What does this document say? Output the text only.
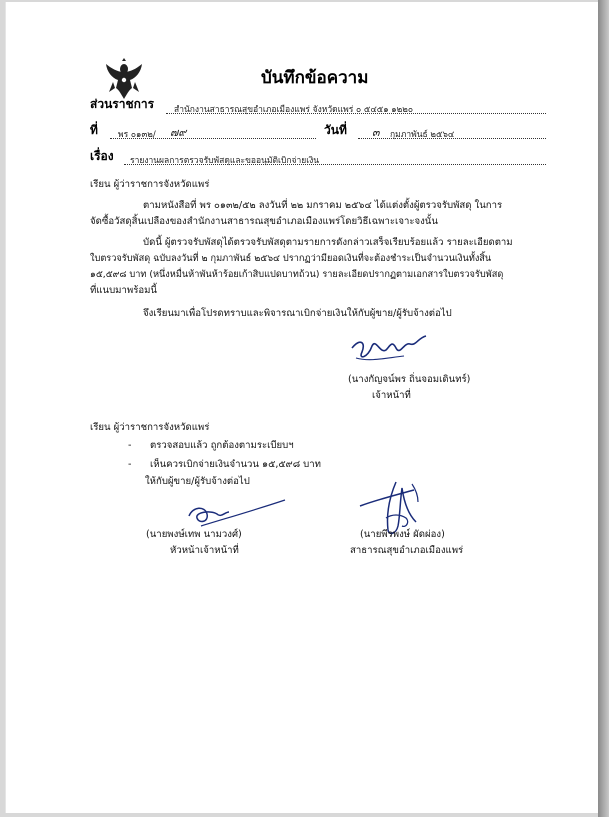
บันทึกข้อความ
ส่วนราชการ สำนักงานสาธารณสุขอำเภอเมืองแพร่ จังหวัดแพร่ ๐ ๕๔๕๑ ๑๒๒๐
ที่ พร ๐๑๓๒/ ๗๙	วันที่ ๓ กุมภาพันธ์ ๒๕๖๔
เรื่อง รายงานผลการตรวจรับพัสดุและขออนุมัติเบิกจ่ายเงิน
เรียน ผู้ว่าราชการจังหวัดแพร่
ตามหนังสือที่ พร ๐๑๓๒/๕๒ ลงวันที่ ๒๒ มกราคม ๒๕๖๔ ได้แต่งตั้งผู้ตรวจรับพัสดุ ในการ
จัดซื้อวัสดุสิ้นเปลืองของสำนักงานสาธารณสุขอำเภอเมืองแพร่โดยวิธีเฉพาะเจาะจงนั้น
บัดนี้ ผู้ตรวจรับพัสดุได้ตรวจรับพัสดุตามรายการดังกล่าวเสร็จเรียบร้อยแล้ว รายละเอียดตาม
ใบตรวจรับพัสดุ ฉบับลงวันที่ ๒ กุมภาพันธ์ ๒๕๖๔ ปรากฏว่ามียอดเงินที่จะต้องชำระเป็นจำนวนเงินทั้งสิ้น
๑๕,๕๙๘ บาท (หนึ่งหมื่นห้าพันห้าร้อยเก้าสิบแปดบาทถ้วน) รายละเอียดปรากฏตามเอกสารใบตรวจรับพัสดุ
ที่แนบมาพร้อมนี้
จึงเรียนมาเพื่อโปรดทราบและพิจารณาเบิกจ่ายเงินให้กับผู้ขาย/ผู้รับจ้างต่อไป
(นางกัญจน์พร ถิ่นจอมเดินทร์)
เจ้าหน้าที่
เรียน ผู้ว่าราชการจังหวัดแพร่
- ตรวจสอบแล้ว ถูกต้องตามระเบียบฯ
- เห็นควรเบิกจ่ายเงินจำนวน ๑๕,๕๙๘ บาท
ให้กับผู้ขาย/ผู้รับจ้างต่อไป
(นายพงษ์เทพ นามวงศ์)
หัวหน้าเจ้าหน้าที่
(นายพีรพงษ์ ผัดผ่อง)
สาธารณสุขอำเภอเมืองแพร่
